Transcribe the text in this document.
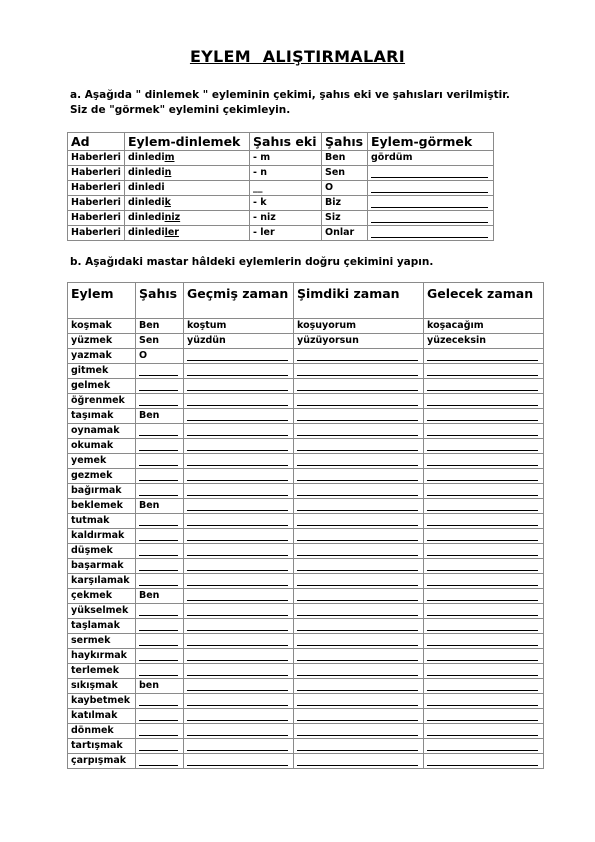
EYLEM  ALIŞTIRMALARI
a. Aşağıda " dinlemek " eyleminin çekimi, şahıs eki ve şahısları verilmiştir.
Siz de "görmek" eylemini çekimleyin.
Ad	Eylem-dinlemek	Şahıs eki	Şahıs	Eylem-görmek
Haberleri	dinledim	- m	Ben	gördüm
Haberleri	dinledin	- n	Sen	

Haberleri	dinledi	__	O	

Haberleri	dinledik	- k	Biz	

Haberleri	dinlediniz	- niz	Siz	

Haberleri	dinlediler	- ler	Onlar	
b. Aşağıdaki mastar hâldeki eylemlerin doğru çekimini yapın.
Eylem	Şahıs	Geçmiş zaman	Şimdiki zaman	Gelecek zaman
koşmak	Ben	koştum	koşuyorum	koşacağım
yüzmek	Sen	yüzdün	yüzüyorsun	yüzeceksin
yazmak	O	

gitmek	

gelmek	

öğrenmek	

taşımak	Ben	

oynamak	

okumak	

yemek	

gezmek	

bağırmak	

beklemek	Ben	

tutmak	

kaldırmak	

düşmek	

başarmak	

karşılamak	

çekmek	Ben	

yükselmek	

taşlamak	

sermek	

haykırmak	

terlemek	

sıkışmak	ben	

kaybetmek	

katılmak	

dönmek	

tartışmak	

çarpışmak	
